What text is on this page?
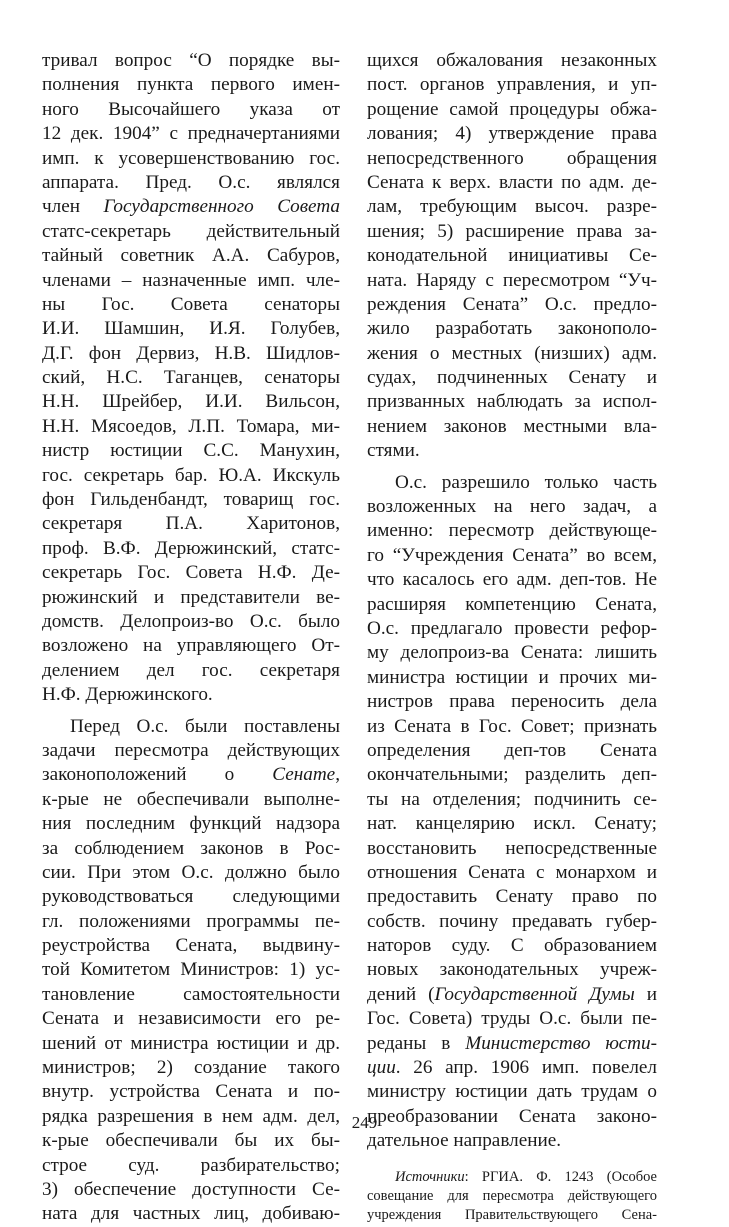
тривал вопрос “О порядке вы-
полнения пункта первого имен-
ного Высочайшего указа от
12 дек. 1904” с предначертаниями
имп. к усовершенствованию гос.
аппарата. Пред. О.с. являлся
член Государственного Совета
статс-секретарь действительный
тайный советник А.А. Сабуров,
членами – назначенные имп. чле-
ны Гос. Совета сенаторы
И.И. Шамшин, И.Я. Голубев,
Д.Г. фон Дервиз, Н.В. Шидлов-
ский, Н.С. Таганцев, сенаторы
Н.Н. Шрейбер, И.И. Вильсон,
Н.Н. Мясоедов, Л.П. Томара, ми-
нистр юстиции С.С. Манухин,
гос. секретарь бар. Ю.А. Икскуль
фон Гильденбандт, товарищ гос.
секретаря П.А. Харитонов,
проф. В.Ф. Дерюжинский, статс-
секретарь Гос. Совета Н.Ф. Де-
рюжинский и представители ве-
домств. Делопроиз-во О.с. было
возложено на управляющего От-
делением дел гос. секретаря
Н.Ф. Дерюжинского.
Перед О.с. были поставлены
задачи пересмотра действующих
законоположений о Сенате,
к-рые не обеспечивали выполне-
ния последним функций надзора
за соблюдением законов в Рос-
сии. При этом О.с. должно было
руководствоваться следующими
гл. положениями программы пе-
реустройства Сената, выдвину-
той Комитетом Министров: 1) ус-
тановление самостоятельности
Сената и независимости его ре-
шений от министра юстиции и др.
министров; 2) создание такого
внутр. устройства Сената и по-
рядка разрешения в нем адм. дел,
к-рые обеспечивали бы их бы-
строе суд. разбирательство;
3) обеспечение доступности Се-
ната для частных лиц, добиваю-
щихся обжалования незаконных
пост. органов управления, и уп-
рощение самой процедуры обжа-
лования; 4) утверждение права
непосредственного обращения
Сената к верх. власти по адм. де-
лам, требующим высоч. разре-
шения; 5) расширение права за-
конодательной инициативы Се-
ната. Наряду с пересмотром “Уч-
реждения Сената” О.с. предло-
жило разработать законополо-
жения о местных (низших) адм.
судах, подчиненных Сенату и
призванных наблюдать за испол-
нением законов местными вла-
стями.
О.с. разрешило только часть
возложенных на него задач, а
именно: пересмотр действующе-
го “Учреждения Сената” во всем,
что касалось его адм. деп-тов. Не
расширяя компетенцию Сената,
О.с. предлагало провести рефор-
му делопроиз-ва Сената: лишить
министра юстиции и прочих ми-
нистров права переносить дела
из Сената в Гос. Совет; признать
определения деп-тов Сената
окончательными; разделить деп-
ты на отделения; подчинить се-
нат. канцелярию искл. Сенату;
восстановить непосредственные
отношения Сената с монархом и
предоставить Сенату право по
собств. почину предавать губер-
наторов суду. С образованием
новых законодательных учреж-
дений (Государственной Думы и
Гос. Совета) труды О.с. были пе-
реданы в Министерство юсти-
ции. 26 апр. 1906 имп. повелел
министру юстиции дать трудам о
преобразовании Сената законо-
дательное направление.
Источники: РГИА. Ф. 1243 (Особое
совещание для пересмотра действующего
учреждения Правительствующего Сена-
249
